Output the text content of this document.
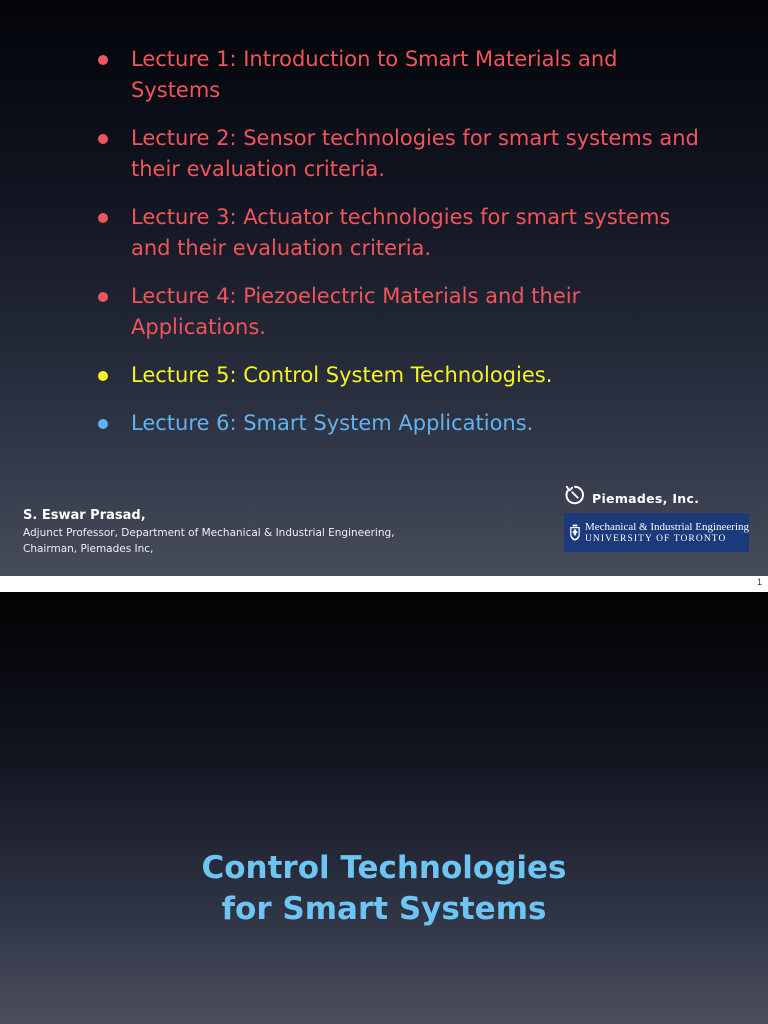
Lecture 1: Introduction to Smart Materials and Systems
Lecture 2: Sensor technologies for smart systems and their evaluation criteria.
Lecture 3: Actuator technologies for smart systems and their evaluation criteria.
Lecture 4: Piezoelectric Materials and their Applications.
Lecture 5: Control System Technologies.
Lecture 6: Smart System Applications.
S. Eswar Prasad,
Adjunct Professor, Department of Mechanical & Industrial Engineering,
Chairman, Piemades Inc,
Piemades, Inc.
Mechanical & Industrial Engineering
UNIVERSITY OF TORONTO
1
Control Technologies
for Smart Systems
